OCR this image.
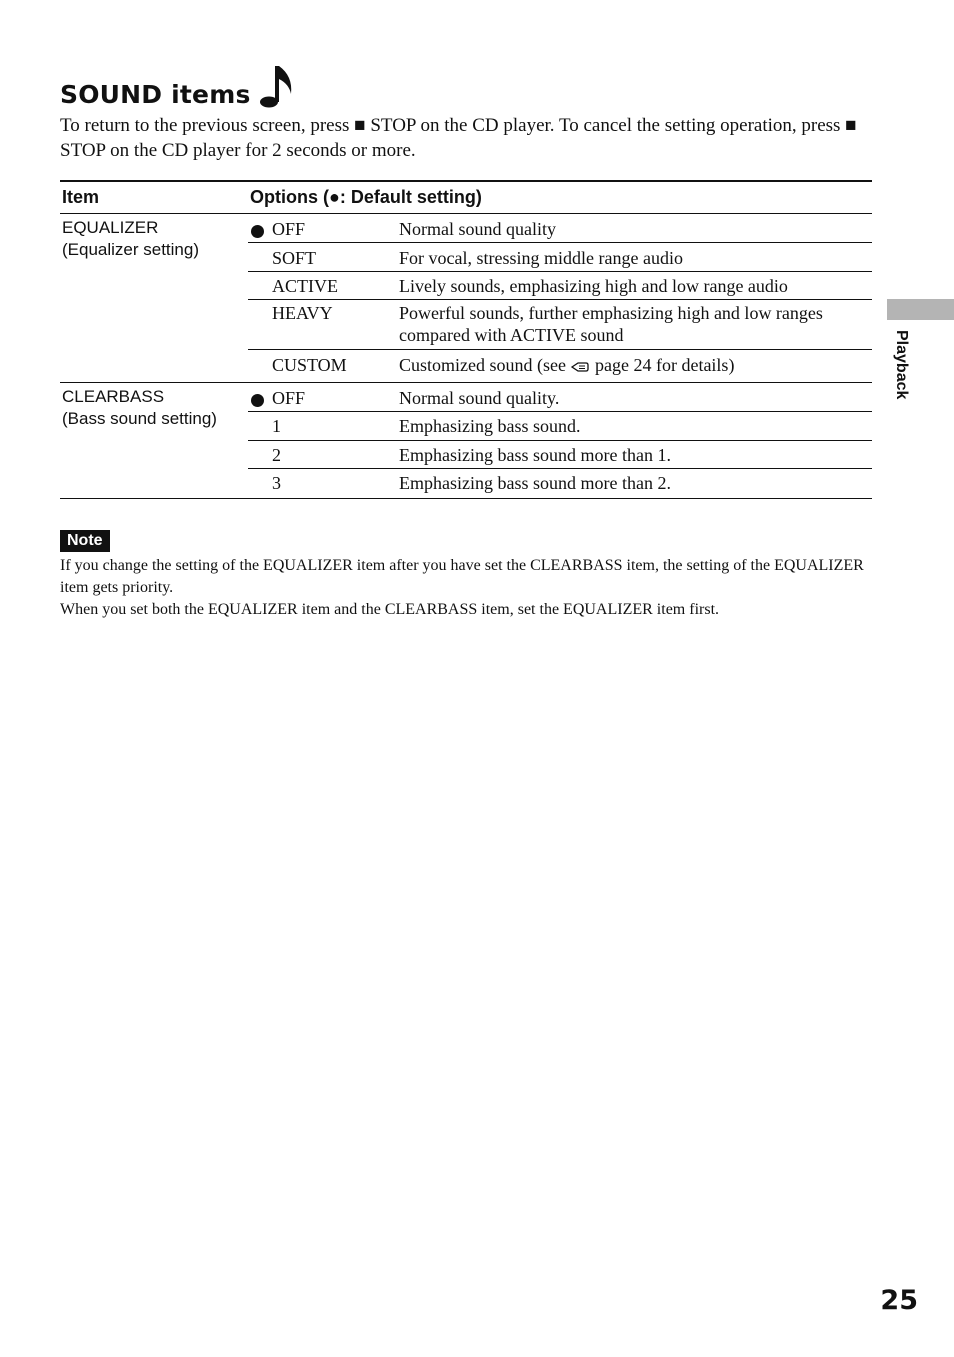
SOUND items
To return to the previous screen, press ■ STOP on the CD player. To cancel the setting operation, press ■ STOP on the CD player for 2 seconds or more.
Item	Options (●: Default setting)
EQUALIZER
(Equalizer setting)
OFF	Normal sound quality
SOFT	For vocal, stressing middle range audio
ACTIVE	Lively sounds, emphasizing high and low range audio
HEAVY	Powerful sounds, further emphasizing high and low ranges compared with ACTIVE sound
CUSTOM	Customized sound (see page 24 for details)
CLEARBASS
(Bass sound setting)
OFF	Normal sound quality.
1	Emphasizing bass sound.
2	Emphasizing bass sound more than 1.
3	Emphasizing bass sound more than 2.
Playback
Note

If you change the setting of the EQUALIZER item after you have set the CLEARBASS item, the setting of the EQUALIZER item gets priority.

When you set both the EQUALIZER item and the CLEARBASS item, set the EQUALIZER item first.

25
